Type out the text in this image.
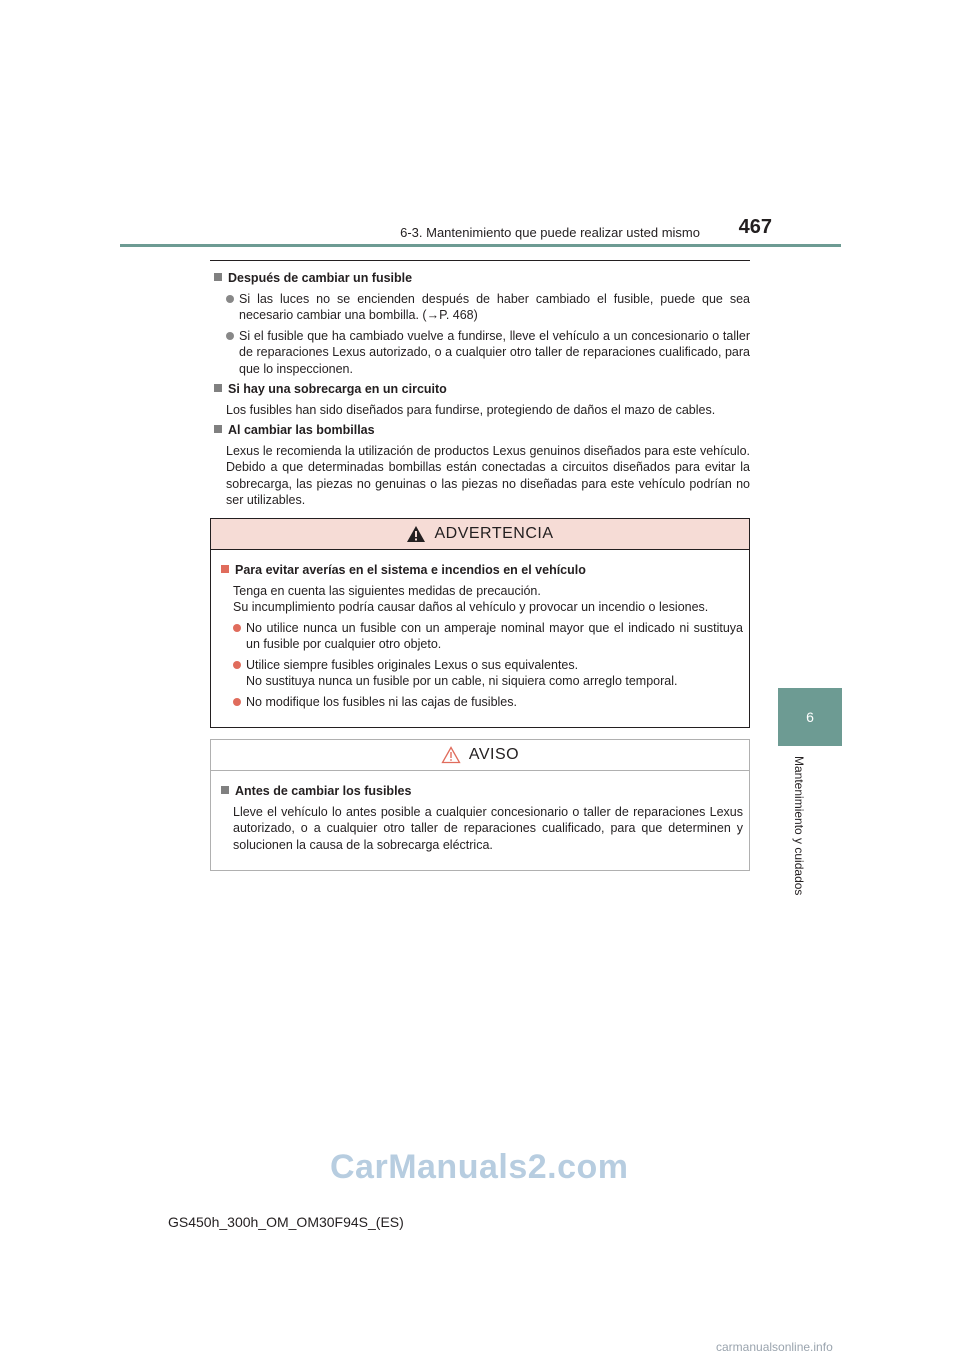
6-3. Mantenimiento que puede realizar usted mismo	467
6
Mantenimiento y cuidados
Después de cambiar un fusible
Si las luces no se encienden después de haber cambiado el fusible, puede que sea necesario cambiar una bombilla. (→P. 468)
Si el fusible que ha cambiado vuelve a fundirse, lleve el vehículo a un concesionario o taller de reparaciones Lexus autorizado, o a cualquier otro taller de reparaciones cualificado, para que lo inspeccionen.
Si hay una sobrecarga en un circuito
Los fusibles han sido diseñados para fundirse, protegiendo de daños el mazo de cables.
Al cambiar las bombillas
Lexus le recomienda la utilización de productos Lexus genuinos diseñados para este vehículo. Debido a que determinadas bombillas están conectadas a circuitos diseñados para evitar la sobrecarga, las piezas no genuinas o las piezas no diseñadas para este vehículo podrían no ser utilizables.
ADVERTENCIA
Para evitar averías en el sistema e incendios en el vehículo
Tenga en cuenta las siguientes medidas de precaución.
Su incumplimiento podría causar daños al vehículo y provocar un incendio o lesiones.
No utilice nunca un fusible con un amperaje nominal mayor que el indicado ni sustituya un fusible por cualquier otro objeto.
Utilice siempre fusibles originales Lexus o sus equivalentes.
No sustituya nunca un fusible por un cable, ni siquiera como arreglo temporal.
No modifique los fusibles ni las cajas de fusibles.
AVISO
Antes de cambiar los fusibles
Lleve el vehículo lo antes posible a cualquier concesionario o taller de reparaciones Lexus autorizado, o a cualquier otro taller de reparaciones cualificado, para que determinen y solucionen la causa de la sobrecarga eléctrica.
CarManuals2.com
GS450h_300h_OM_OM30F94S_(ES)
carmanualsonline.info
